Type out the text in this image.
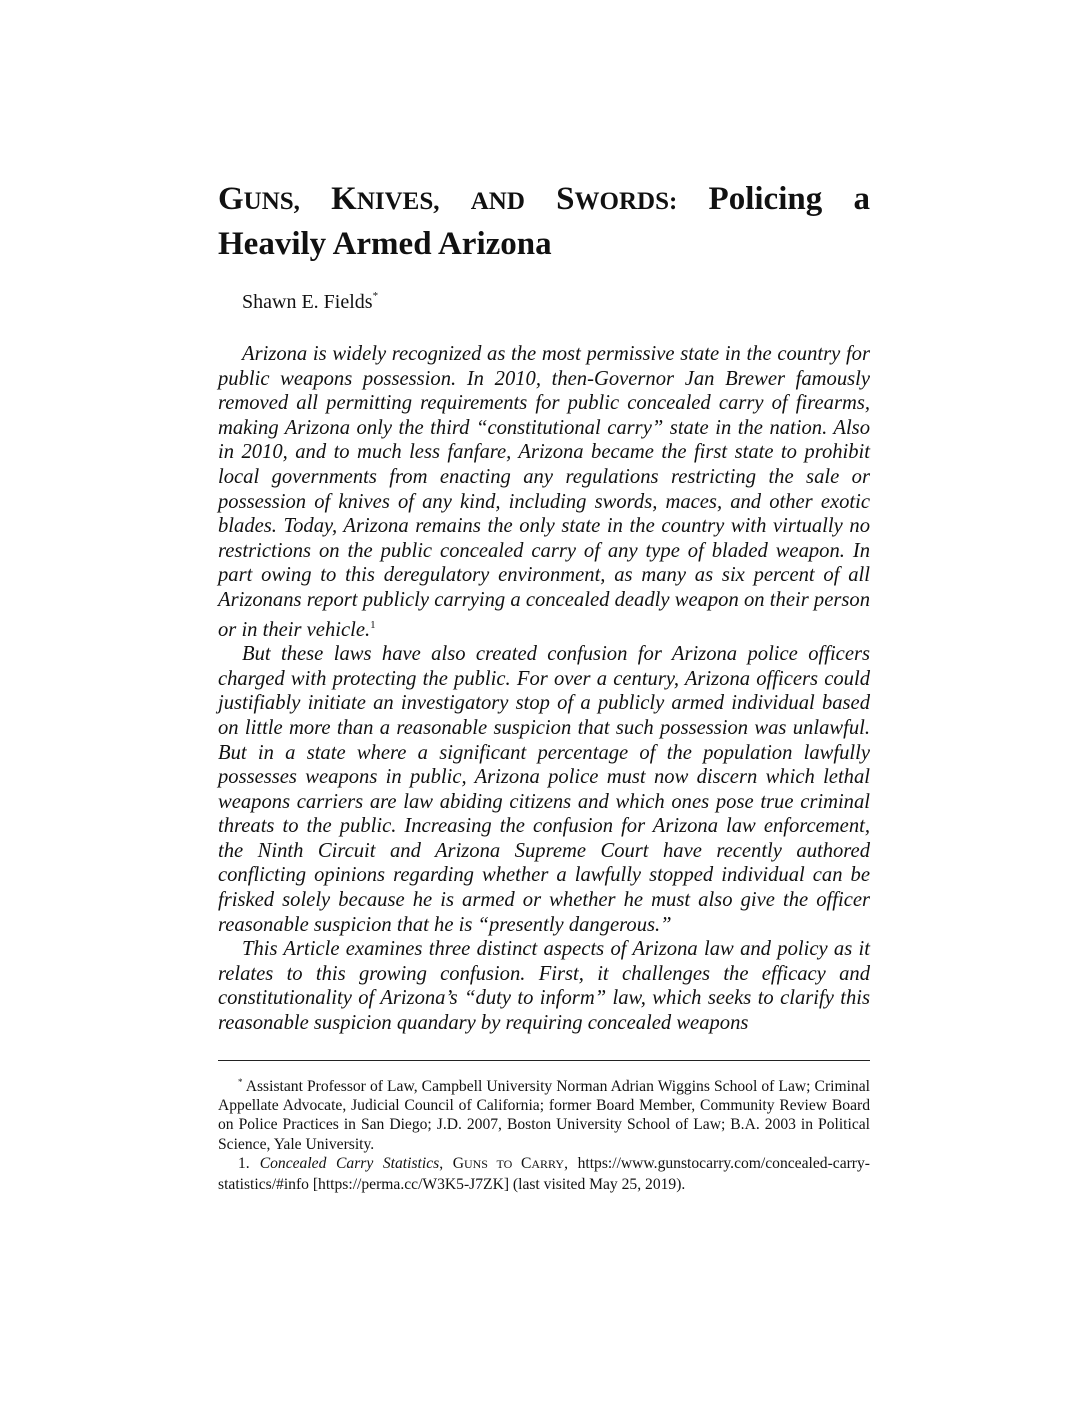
GUNS, KNIVES, AND SWORDS: Policing a
Heavily Armed Arizona
Shawn E. Fields*

Arizona is widely recognized as the most permissive state in the country for public weapons possession. In 2010, then-Governor Jan Brewer famously removed all permitting requirements for public concealed carry of firearms, making Arizona only the third “constitutional carry” state in the nation. Also in 2010, and to much less fanfare, Arizona became the first state to prohibit local governments from enacting any regulations restricting the sale or possession of knives of any kind, including swords, maces, and other exotic blades. Today, Arizona remains the only state in the country with virtually no restrictions on the public concealed carry of any type of bladed weapon. In part owing to this deregulatory environment, as many as six percent of all Arizonans report publicly carrying a concealed deadly weapon on their person or in their vehicle.$^1$

But these laws have also created confusion for Arizona police officers charged with protecting the public. For over a century, Arizona officers could justifiably initiate an investigatory stop of a publicly armed individual based on little more than a reasonable suspicion that such possession was unlawful. But in a state where a significant percentage of the population lawfully possesses weapons in public, Arizona police must now discern which lethal weapons carriers are law abiding citizens and which ones pose true criminal threats to the public. Increasing the confusion for Arizona law enforcement, the Ninth Circuit and Arizona Supreme Court have recently authored conflicting opinions regarding whether a lawfully stopped individual can be frisked solely because he is armed or whether he must also give the officer reasonable suspicion that he is “presently dangerous.”

This Article examines three distinct aspects of Arizona law and policy as it relates to this growing confusion. First, it challenges the efficacy and constitutionality of Arizona’s “duty to inform” law, which seeks to clarify this reasonable suspicion quandary by requiring concealed weapons

* Assistant Professor of Law, Campbell University Norman Adrian Wiggins School of Law; Criminal Appellate Advocate, Judicial Council of California; former Board Member, Community Review Board on Police Practices in San Diego; J.D. 2007, Boston University School of Law; B.A. 2003 in Political Science, Yale University.

1. Concealed Carry Statistics, GUNS TO CARRY, https://www.gunstocarry.com/concealed-carry-statistics/#info [https://perma.cc/W3K5-J7ZK] (last visited May 25, 2019).
